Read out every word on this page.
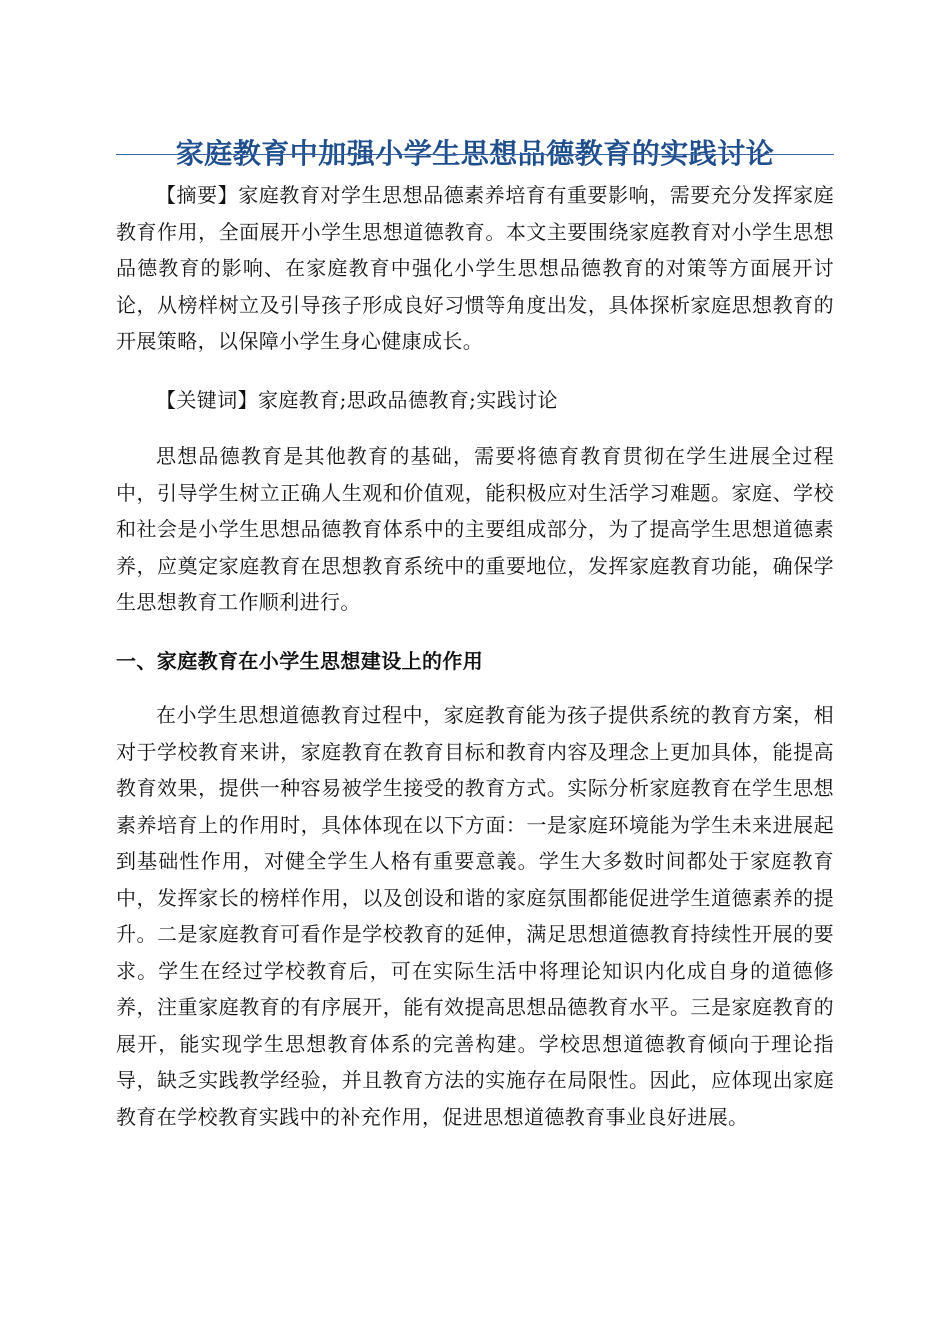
家庭教育中加强小学生思想品德教育的实践讨论

【摘要】家庭教育对学生思想品德素养培育有重要影响，需要充分发挥家庭教育作用，全面展开小学生思想道德教育。本文主要围绕家庭教育对小学生思想品德教育的影响、在家庭教育中强化小学生思想品德教育的对策等方面展开讨论，从榜样树立及引导孩子形成良好习惯等角度出发，具体探析家庭思想教育的开展策略，以保障小学生身心健康成长。

【关键词】家庭教育;思政品德教育;实践讨论

思想品德教育是其他教育的基础，需要将德育教育贯彻在学生进展全过程中，引导学生树立正确人生观和价值观，能积极应对生活学习难题。家庭、学校和社会是小学生思想品德教育体系中的主要组成部分，为了提高学生思想道德素养，应奠定家庭教育在思想教育系统中的重要地位，发挥家庭教育功能，确保学生思想教育工作顺利进行。

一、家庭教育在小学生思想建设上的作用

在小学生思想道德教育过程中，家庭教育能为孩子提供系统的教育方案，相对于学校教育来讲，家庭教育在教育目标和教育内容及理念上更加具体，能提高教育效果，提供一种容易被学生接受的教育方式。实际分析家庭教育在学生思想素养培育上的作用时，具体体现在以下方面：一是家庭环境能为学生未来进展起到基础性作用，对健全学生人格有重要意義。学生大多数时间都处于家庭教育中，发挥家长的榜样作用，以及创设和谐的家庭氛围都能促进学生道德素养的提升。二是家庭教育可看作是学校教育的延伸，满足思想道德教育持续性开展的要求。学生在经过学校教育后，可在实际生活中将理论知识内化成自身的道德修养，注重家庭教育的有序展开，能有效提高思想品德教育水平。三是家庭教育的展开，能实现学生思想教育体系的完善构建。学校思想道德教育倾向于理论指导，缺乏实践教学经验，并且教育方法的实施存在局限性。因此，应体现出家庭教育在学校教育实践中的补充作用，促进思想道德教育事业良好进展。
